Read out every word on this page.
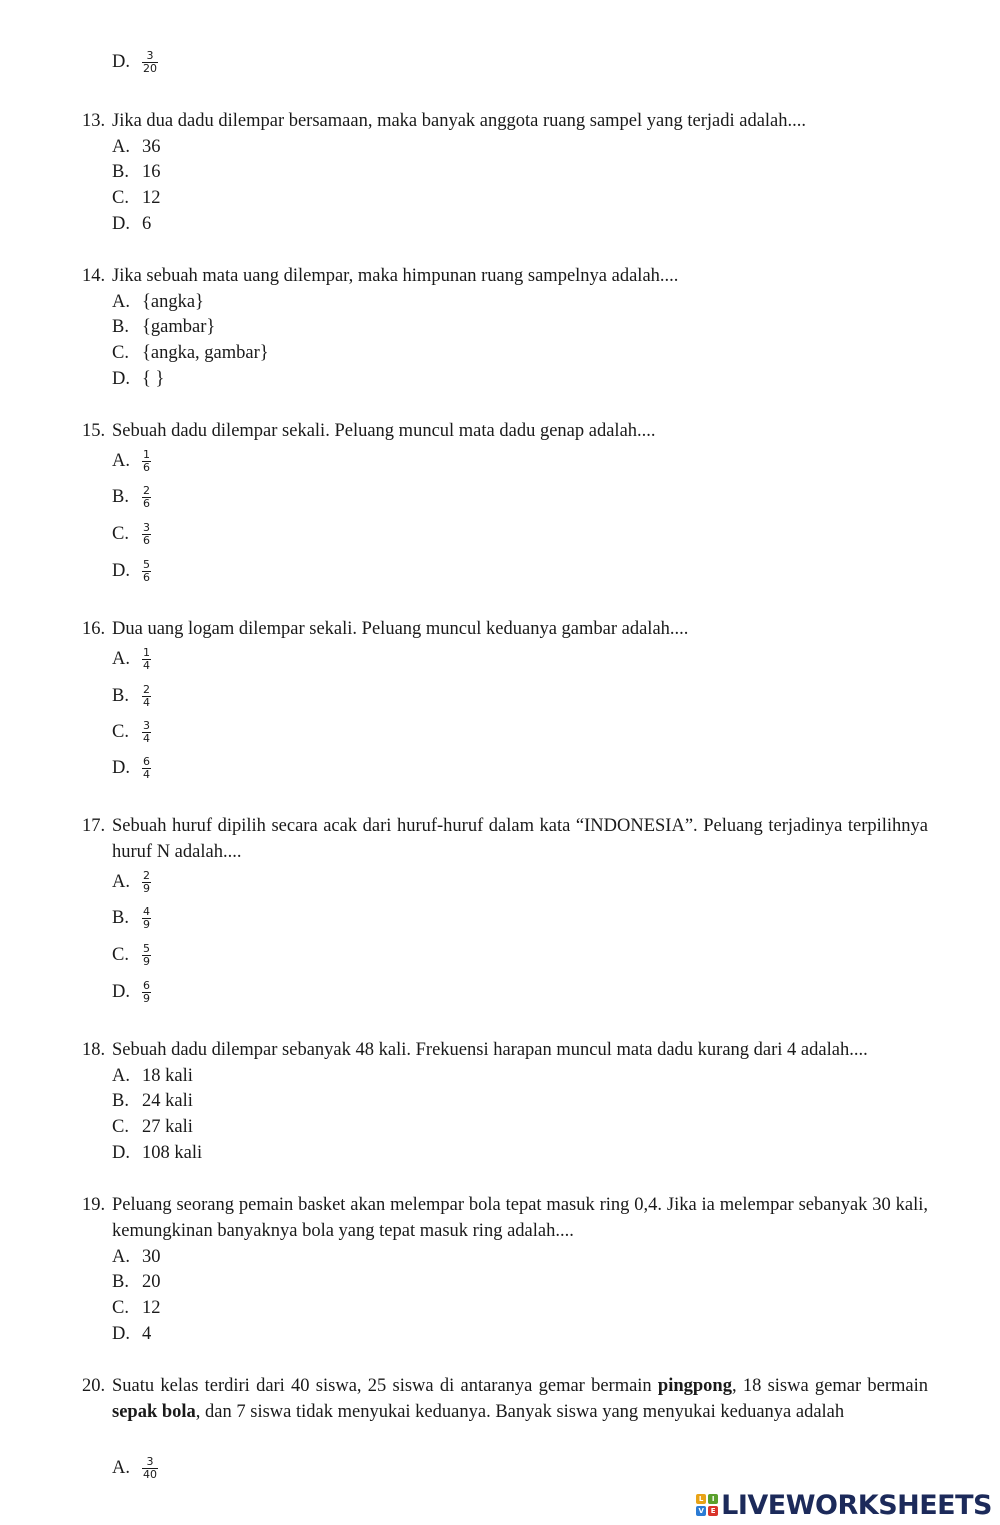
D. $\frac{3}{20}$
13. Jika dua dadu dilempar bersamaan, maka banyak anggota ruang sampel yang terjadi adalah....
A. 36
B. 16
C. 12
D. 6
14. Jika sebuah mata uang dilempar, maka himpunan ruang sampelnya adalah....
A. {angka}
B. {gambar}
C. {angka, gambar}
D. { }
15. Sebuah dadu dilempar sekali. Peluang muncul mata dadu genap adalah....
A. $\frac{1}{6}$
B. $\frac{2}{6}$
C. $\frac{3}{6}$
D. $\frac{5}{6}$
16. Dua uang logam dilempar sekali. Peluang muncul keduanya gambar adalah....
A. $\frac{1}{4}$
B. $\frac{2}{4}$
C. $\frac{3}{4}$
D. $\frac{6}{4}$
17. Sebuah huruf dipilih secara acak dari huruf-huruf dalam kata “INDONESIA”. Peluang terjadinya terpilihnya huruf N adalah....
A. $\frac{2}{9}$
B. $\frac{4}{9}$
C. $\frac{5}{9}$
D. $\frac{6}{9}$
18. Sebuah dadu dilempar sebanyak 48 kali. Frekuensi harapan muncul mata dadu kurang dari 4 adalah....
A. 18 kali
B. 24 kali
C. 27 kali
D. 108 kali
19. Peluang seorang pemain basket akan melempar bola tepat masuk ring 0,4. Jika ia melempar sebanyak 30 kali, kemungkinan banyaknya bola yang tepat masuk ring adalah....
A. 30
B. 20
C. 12
D. 4
20. Suatu kelas terdiri dari 40 siswa, 25 siswa di antaranya gemar bermain pingpong, 18 siswa gemar bermain sepak bola, dan 7 siswa tidak menyukai keduanya. Banyak siswa yang menyukai keduanya adalah
A. $\frac{3}{40}$
L	I
V E LIVEWORKSHEETS
